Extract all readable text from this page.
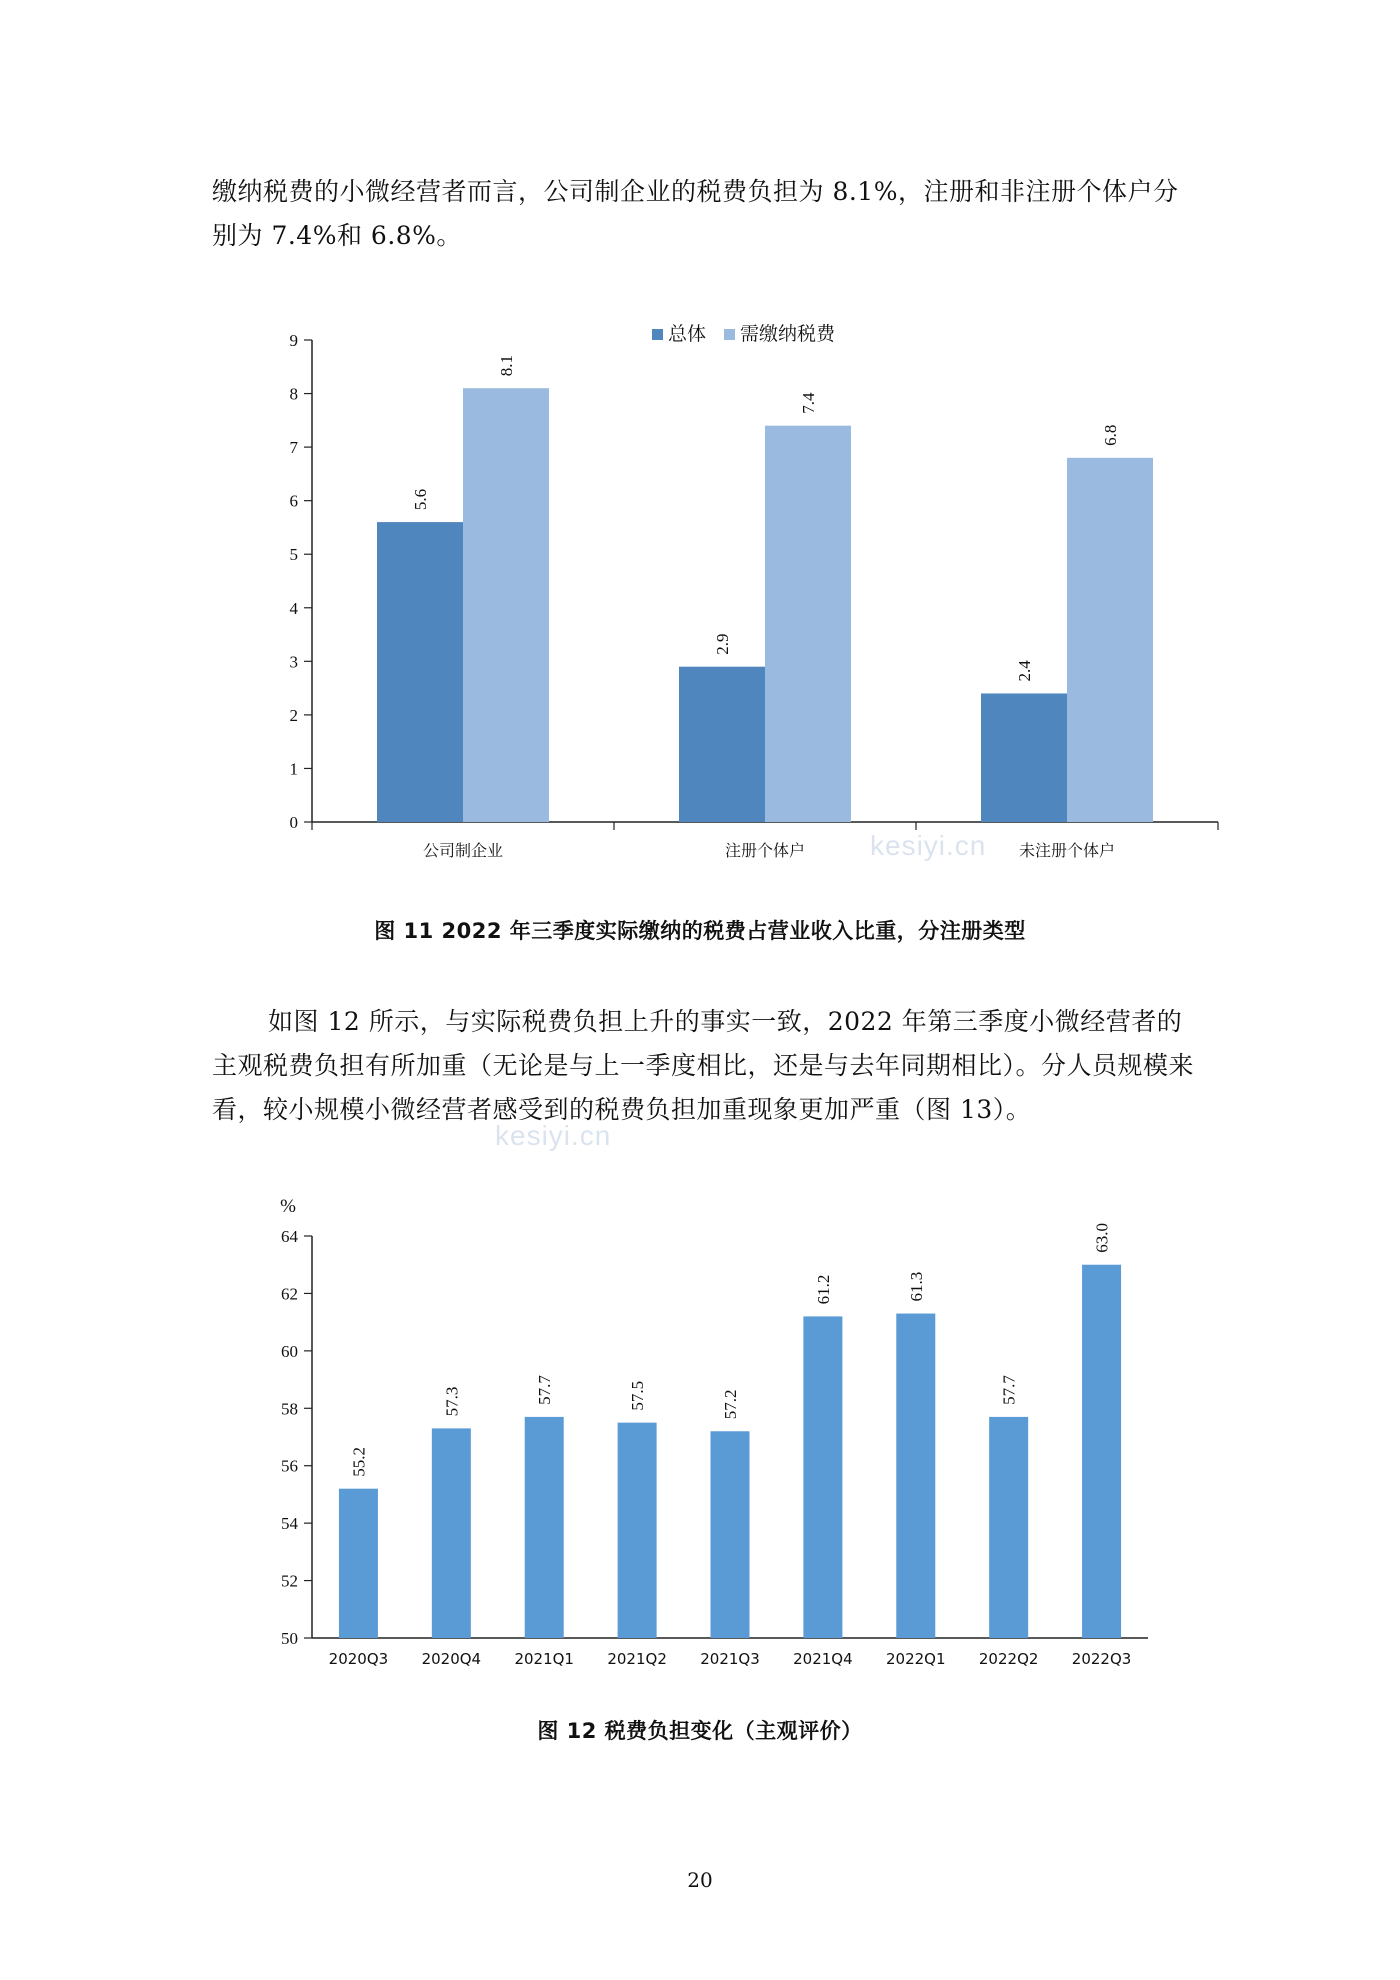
缴纳税费的小微经营者而言，公司制企业的税费负担为 8.1%，注册和非注册个体户分别为 7.4%和 6.8%。

0
1
2
3
4
5
6
7
8
9
5.6
8.1
公司制企业
2.9
7.4
注册个体户
2.4
6.8
未注册个体户
总体 需缴纳税费
图 11 2022 年三季度实际缴纳的税费占营业收入比重，分注册类型

如图 12 所示，与实际税费负担上升的事实一致，2022 年第三季度小微经营者的主观税费负担有所加重（无论是与上一季度相比，还是与去年同期相比）。分人员规模来看，较小规模小微经营者感受到的税费负担加重现象更加严重（图 13）。

%
50
52
54
56
58
60
62
64
55.2
2020Q3
57.3
2020Q4
57.7
2021Q1
57.5
2021Q2
57.2
2021Q3
61.2
2021Q4
61.3
2022Q1
57.7
2022Q2
63.0
2022Q3
图 12 税费负担变化（主观评价）
20
kesiyi.cn
kesiyi.cn
